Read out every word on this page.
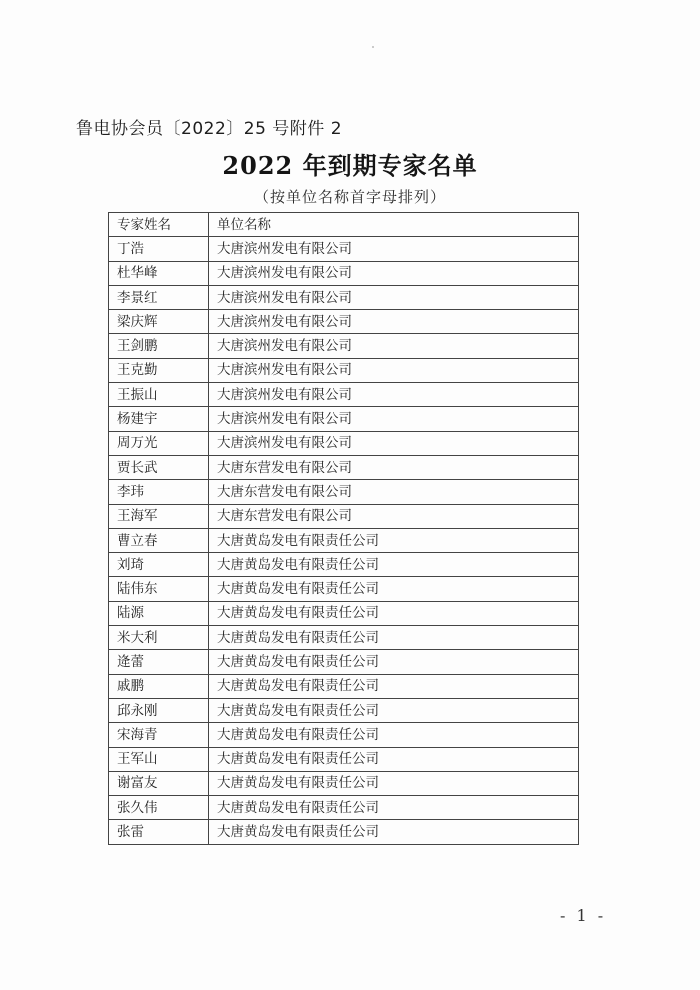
鲁电协会员〔2022〕25 号附件 2
2022 年到期专家名单
（按单位名称首字母排列）
专家姓名	单位名称
丁浩	大唐滨州发电有限公司
杜华峰	大唐滨州发电有限公司
李景红	大唐滨州发电有限公司
梁庆辉	大唐滨州发电有限公司
王剑鹏	大唐滨州发电有限公司
王克勤	大唐滨州发电有限公司
王振山	大唐滨州发电有限公司
杨建宇	大唐滨州发电有限公司
周万光	大唐滨州发电有限公司
贾长武	大唐东营发电有限公司
李玮	大唐东营发电有限公司
王海军	大唐东营发电有限公司
曹立春	大唐黄岛发电有限责任公司
刘琦	大唐黄岛发电有限责任公司
陆伟东	大唐黄岛发电有限责任公司
陆源	大唐黄岛发电有限责任公司
米大利	大唐黄岛发电有限责任公司
逄蕾	大唐黄岛发电有限责任公司
戚鹏	大唐黄岛发电有限责任公司
邱永刚	大唐黄岛发电有限责任公司
宋海青	大唐黄岛发电有限责任公司
王军山	大唐黄岛发电有限责任公司
谢富友	大唐黄岛发电有限责任公司
张久伟	大唐黄岛发电有限责任公司
张雷	大唐黄岛发电有限责任公司
- 1 -
